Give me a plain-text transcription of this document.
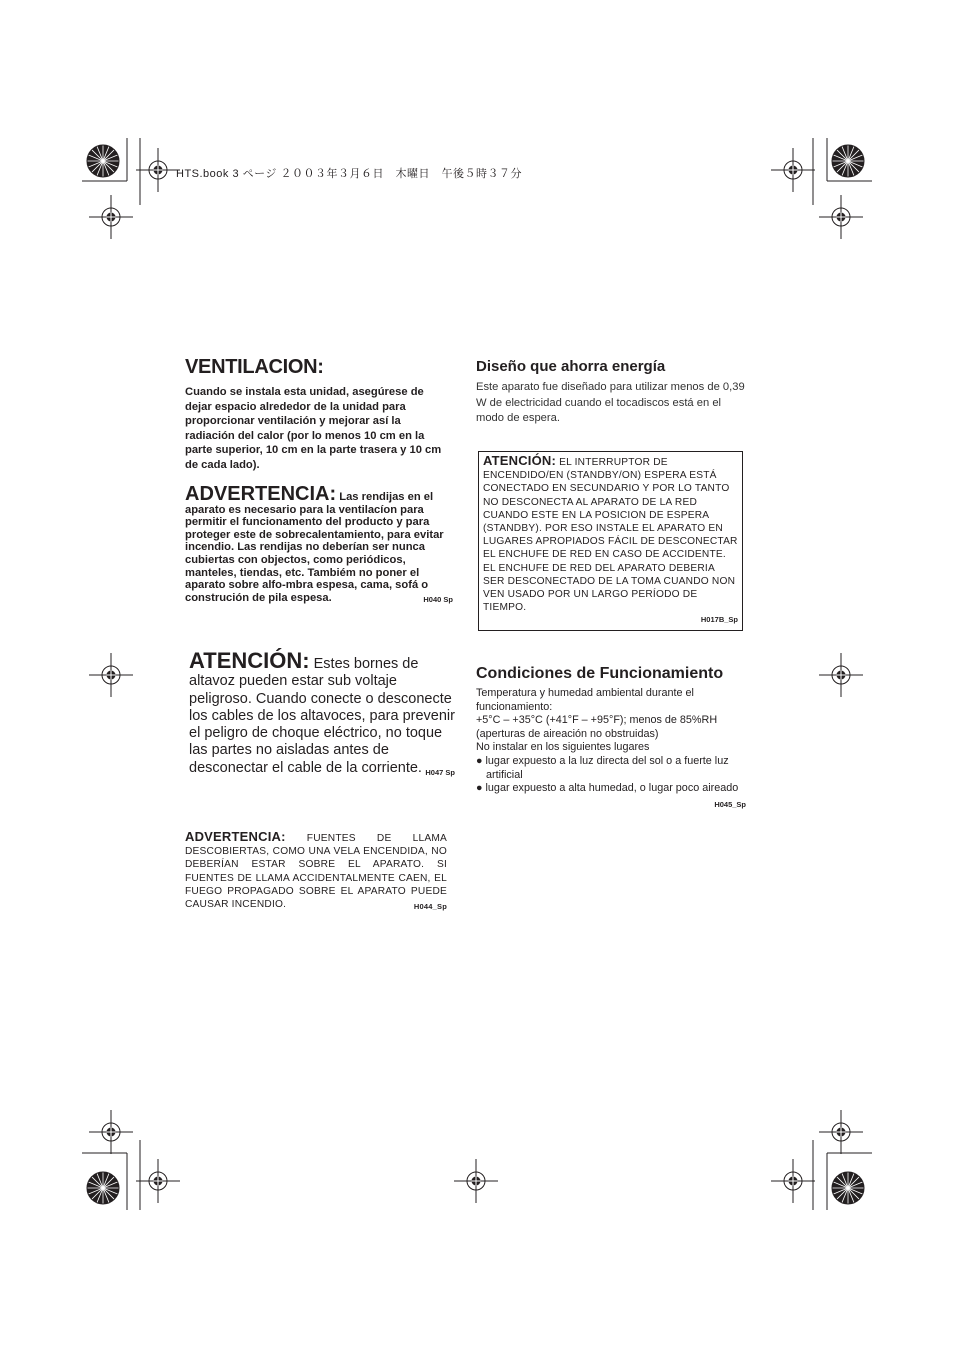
HTS.book 3 ページ ２００３年３月６日　木曜日　午後５時３７分
VENTILACION:
Cuando se instala esta unidad, asegúrese de dejar espacio alrededor de la unidad para proporcionar ventilación y mejorar así la radiación del calor (por lo menos 10 cm en la parte superior, 10 cm en la parte trasera y 10 cm de cada lado).
ADVERTENCIA: Las rendijas en el aparato es necesario para la ventilacíon para permitir el funcionamento del producto y para proteger este de sobrecalentamiento, para evitar incendio. Las rendijas no deberían ser nunca cubiertas con objectos, como periódicos, manteles, tiendas, etc. Tambiém no poner el aparato sobre alfo-mbra espesa, cama, sofá o construción de pila espesa.	H040 Sp
ATENCIÓN: Estes bornes de altavoz pueden estar sub voltaje peligroso. Cuando conecte o desconecte los cables de los altavoces, para prevenir el peligro de choque eléctrico, no toque las partes no aisladas antes de desconectar el cable de la corriente. H047 Sp
ADVERTENCIA: FUENTES DE LLAMA DESCOBIERTAS, COMO UNA VELA ENCENDIDA, NO DEBERÍAN ESTAR SOBRE EL APARATO. SI FUENTES DE LLAMA ACCIDENTALMENTE CAEN, EL FUEGO PROPAGADO SOBRE EL APARATO PUEDE CAUSAR INCENDIO.	H044_Sp
Diseño que ahorra energía

Este aparato fue diseñado para utilizar menos de 0,39 W de electricidad cuando el tocadiscos está en el modo de espera.

ATENCIÓN: EL INTERRUPTOR DE ENCENDIDO/EN (STANDBY/ON) ESPERA ESTÁ CONECTADO EN SECUNDARIO Y POR LO TANTO NO DESCONECTA AL APARATO DE LA RED CUANDO ESTE EN LA POSICION DE ESPERA (STANDBY). POR ESO INSTALE EL APARATO EN LUGARES APROPIADOS FÁCIL DE DESCONECTAR EL ENCHUFE DE RED EN CASO DE ACCIDENTE. EL ENCHUFE DE RED DEL APARATO DEBERIA SER DESCONECTADO DE LA TOMA CUANDO NON VEN USADO POR UN LARGO PERÍODO DE TIEMPO.
H017B_Sp
Condiciones de Funcionamiento
Temperatura y humedad ambiental durante el funcionamiento:
+5°C – +35°C (+41°F – +95°F); menos de 85%RH (aperturas de aireación no obstruidas)
No instalar en los siguientes lugares
● lugar expuesto a la luz directa del sol o a fuerte luz artificial
● lugar expuesto a alta humedad, o lugar poco aireado
H045_Sp
